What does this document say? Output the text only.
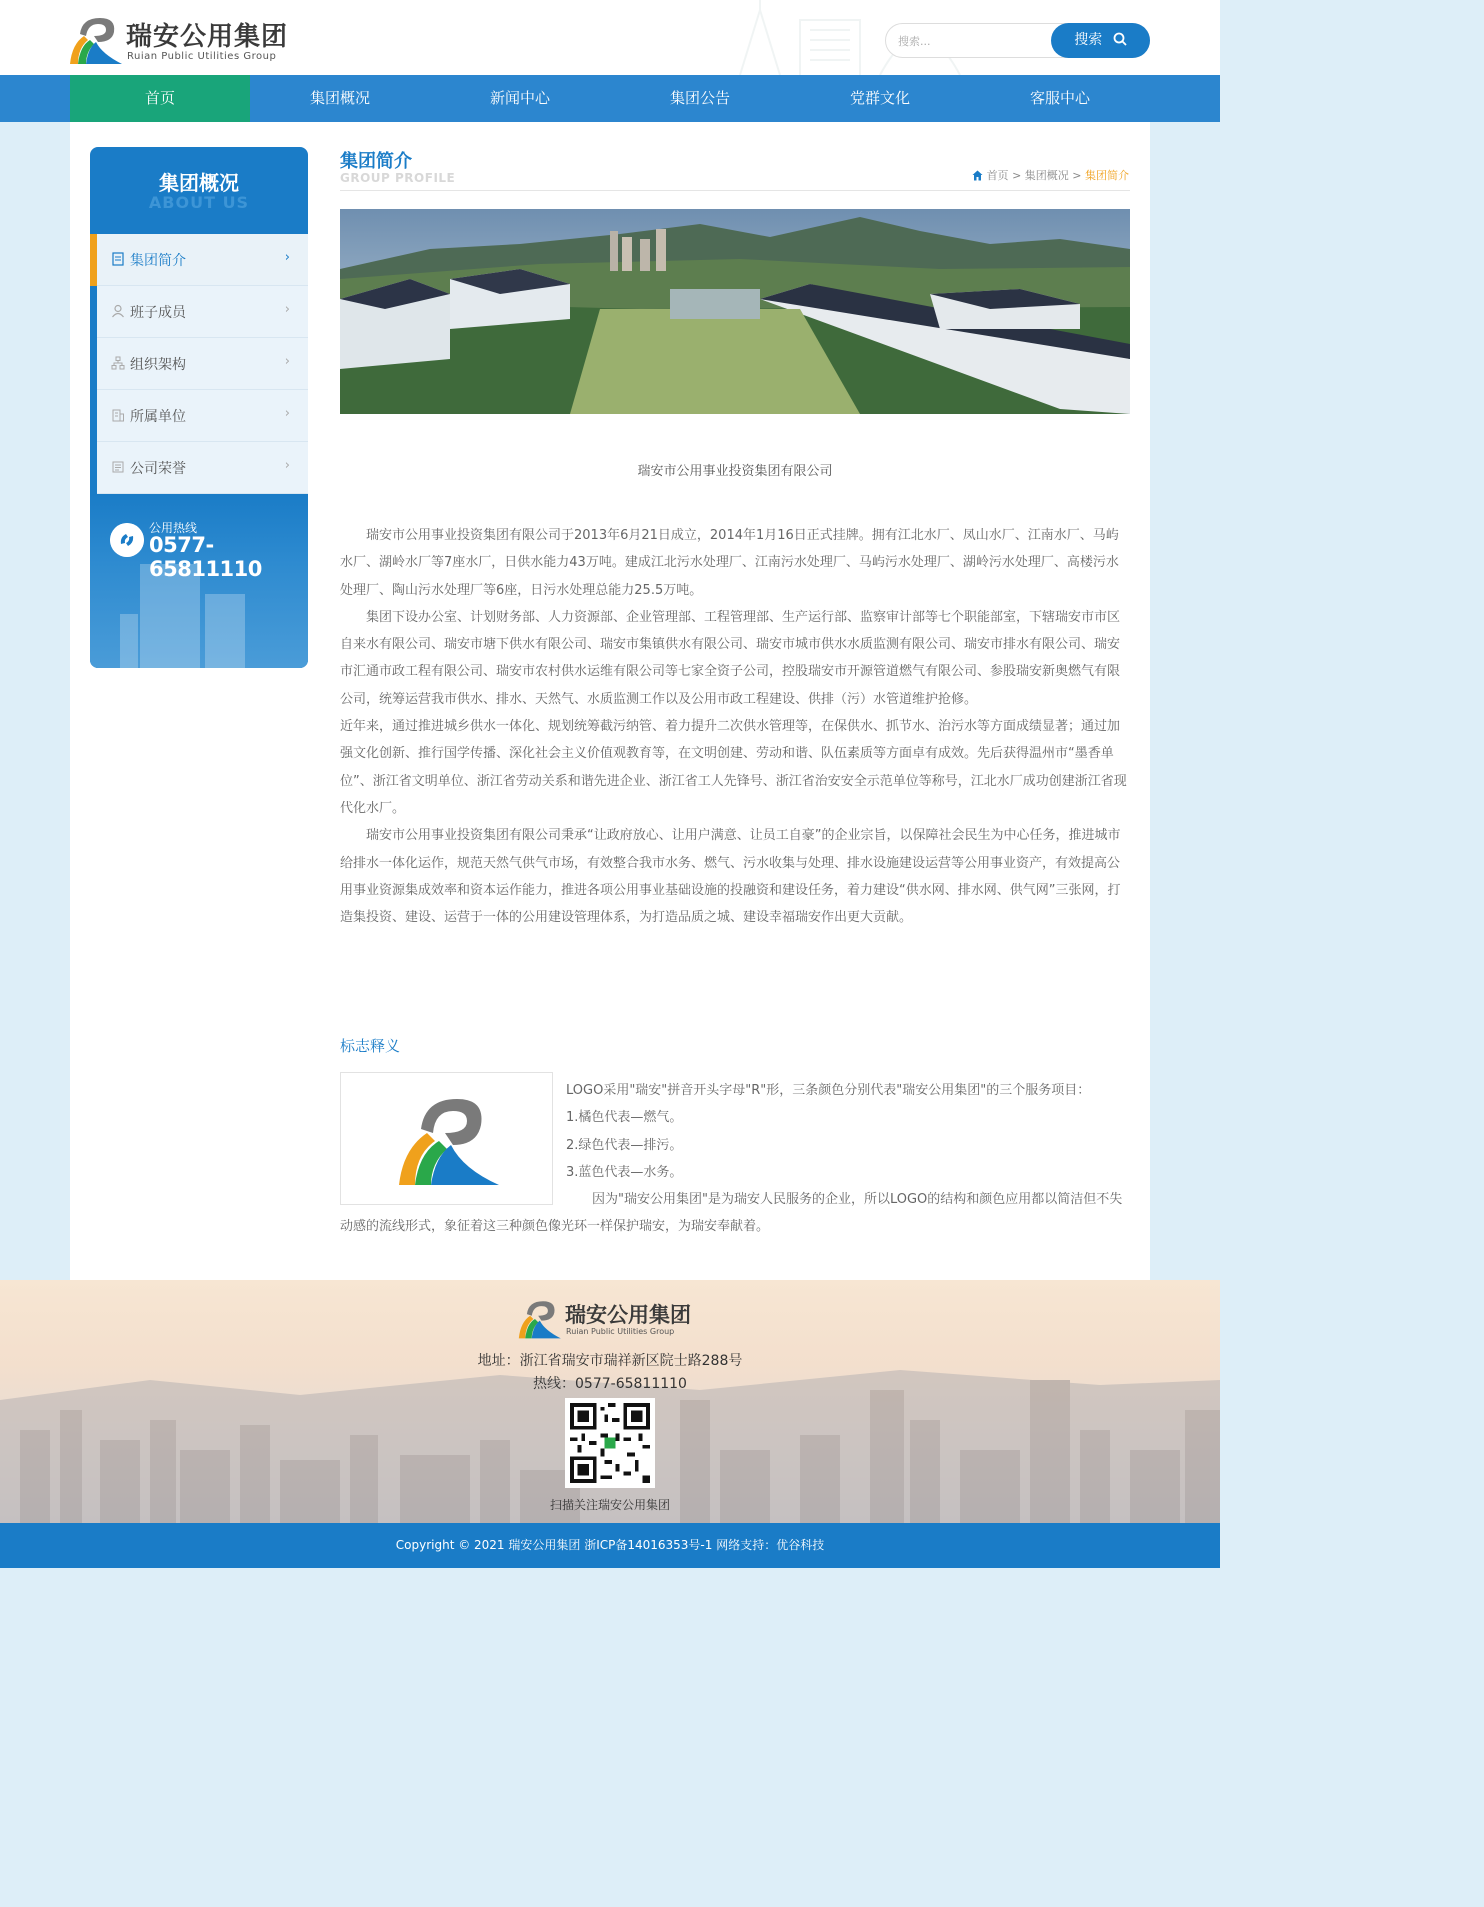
瑞安公用集团
Ruian Public Utilities Group
搜索...
搜索
首页	集团概况	新闻中心	集团公告	党群文化	客服中心
集团概况
ABOUT US
集团简介	›
班子成员	›
组织架构	›
所属单位	›
公司荣誉	›
公用热线
0577-65811110
集团简介
GROUP PROFILE	首页 > 集团概况 > 集团简介
瑞安市公用事业投资集团有限公司

瑞安市公用事业投资集团有限公司于2013年6月21日成立，2014年1月16日正式挂牌。拥有江北水厂、凤山水厂、江南水厂、马屿水厂、湖岭水厂等7座水厂，日供水能力43万吨。建成江北污水处理厂、江南污水处理厂、马屿污水处理厂、湖岭污水处理厂、高楼污水处理厂、陶山污水处理厂等6座，日污水处理总能力25.5万吨。

集团下设办公室、计划财务部、人力资源部、企业管理部、工程管理部、生产运行部、监察审计部等七个职能部室，下辖瑞安市市区自来水有限公司、瑞安市塘下供水有限公司、瑞安市集镇供水有限公司、瑞安市城市供水水质监测有限公司、瑞安市排水有限公司、瑞安市汇通市政工程有限公司、瑞安市农村供水运维有限公司等七家全资子公司，控股瑞安市开源管道燃气有限公司、参股瑞安新奥燃气有限公司，统筹运营我市供水、排水、天然气、水质监测工作以及公用市政工程建设、供排（污）水管道维护抢修。

近年来，通过推进城乡供水一体化、规划统筹截污纳管、着力提升二次供水管理等，在保供水、抓节水、治污水等方面成绩显著；通过加强文化创新、推行国学传播、深化社会主义价值观教育等，在文明创建、劳动和谐、队伍素质等方面卓有成效。先后获得温州市“墨香单位”、浙江省文明单位、浙江省劳动关系和谐先进企业、浙江省工人先锋号、浙江省治安安全示范单位等称号，江北水厂成功创建浙江省现代化水厂。

瑞安市公用事业投资集团有限公司秉承“让政府放心、让用户满意、让员工自豪”的企业宗旨，以保障社会民生为中心任务，推进城市给排水一体化运作，规范天然气供气市场，有效整合我市水务、燃气、污水收集与处理、排水设施建设运营等公用事业资产，有效提高公用事业资源集成效率和资本运作能力，推进各项公用事业基础设施的投融资和建设任务，着力建设“供水网、排水网、供气网”三张网，打造集投资、建设、运营于一体的公用建设管理体系，为打造品质之城、建设幸福瑞安作出更大贡献。

标志释义
LOGO采用"瑞安"拼音开头字母"R"形，三条颜色分别代表"瑞安公用集团"的三个服务项目：
1.橘色代表—燃气。
2.绿色代表—排污。
3.蓝色代表—水务。
因为"瑞安公用集团"是为瑞安人民服务的企业，所以LOGO的结构和颜色应用都以简洁但不失动感的流线形式，象征着这三种颜色像光环一样保护瑞安，为瑞安奉献着。
瑞安公用集团
Ruian Public Utilities Group
地址：浙江省瑞安市瑞祥新区院士路288号
热线：0577-65811110
扫描关注瑞安公用集团
Copyright © 2021 瑞安公用集团 浙ICP备14016353号-1 网络支持：优谷科技
